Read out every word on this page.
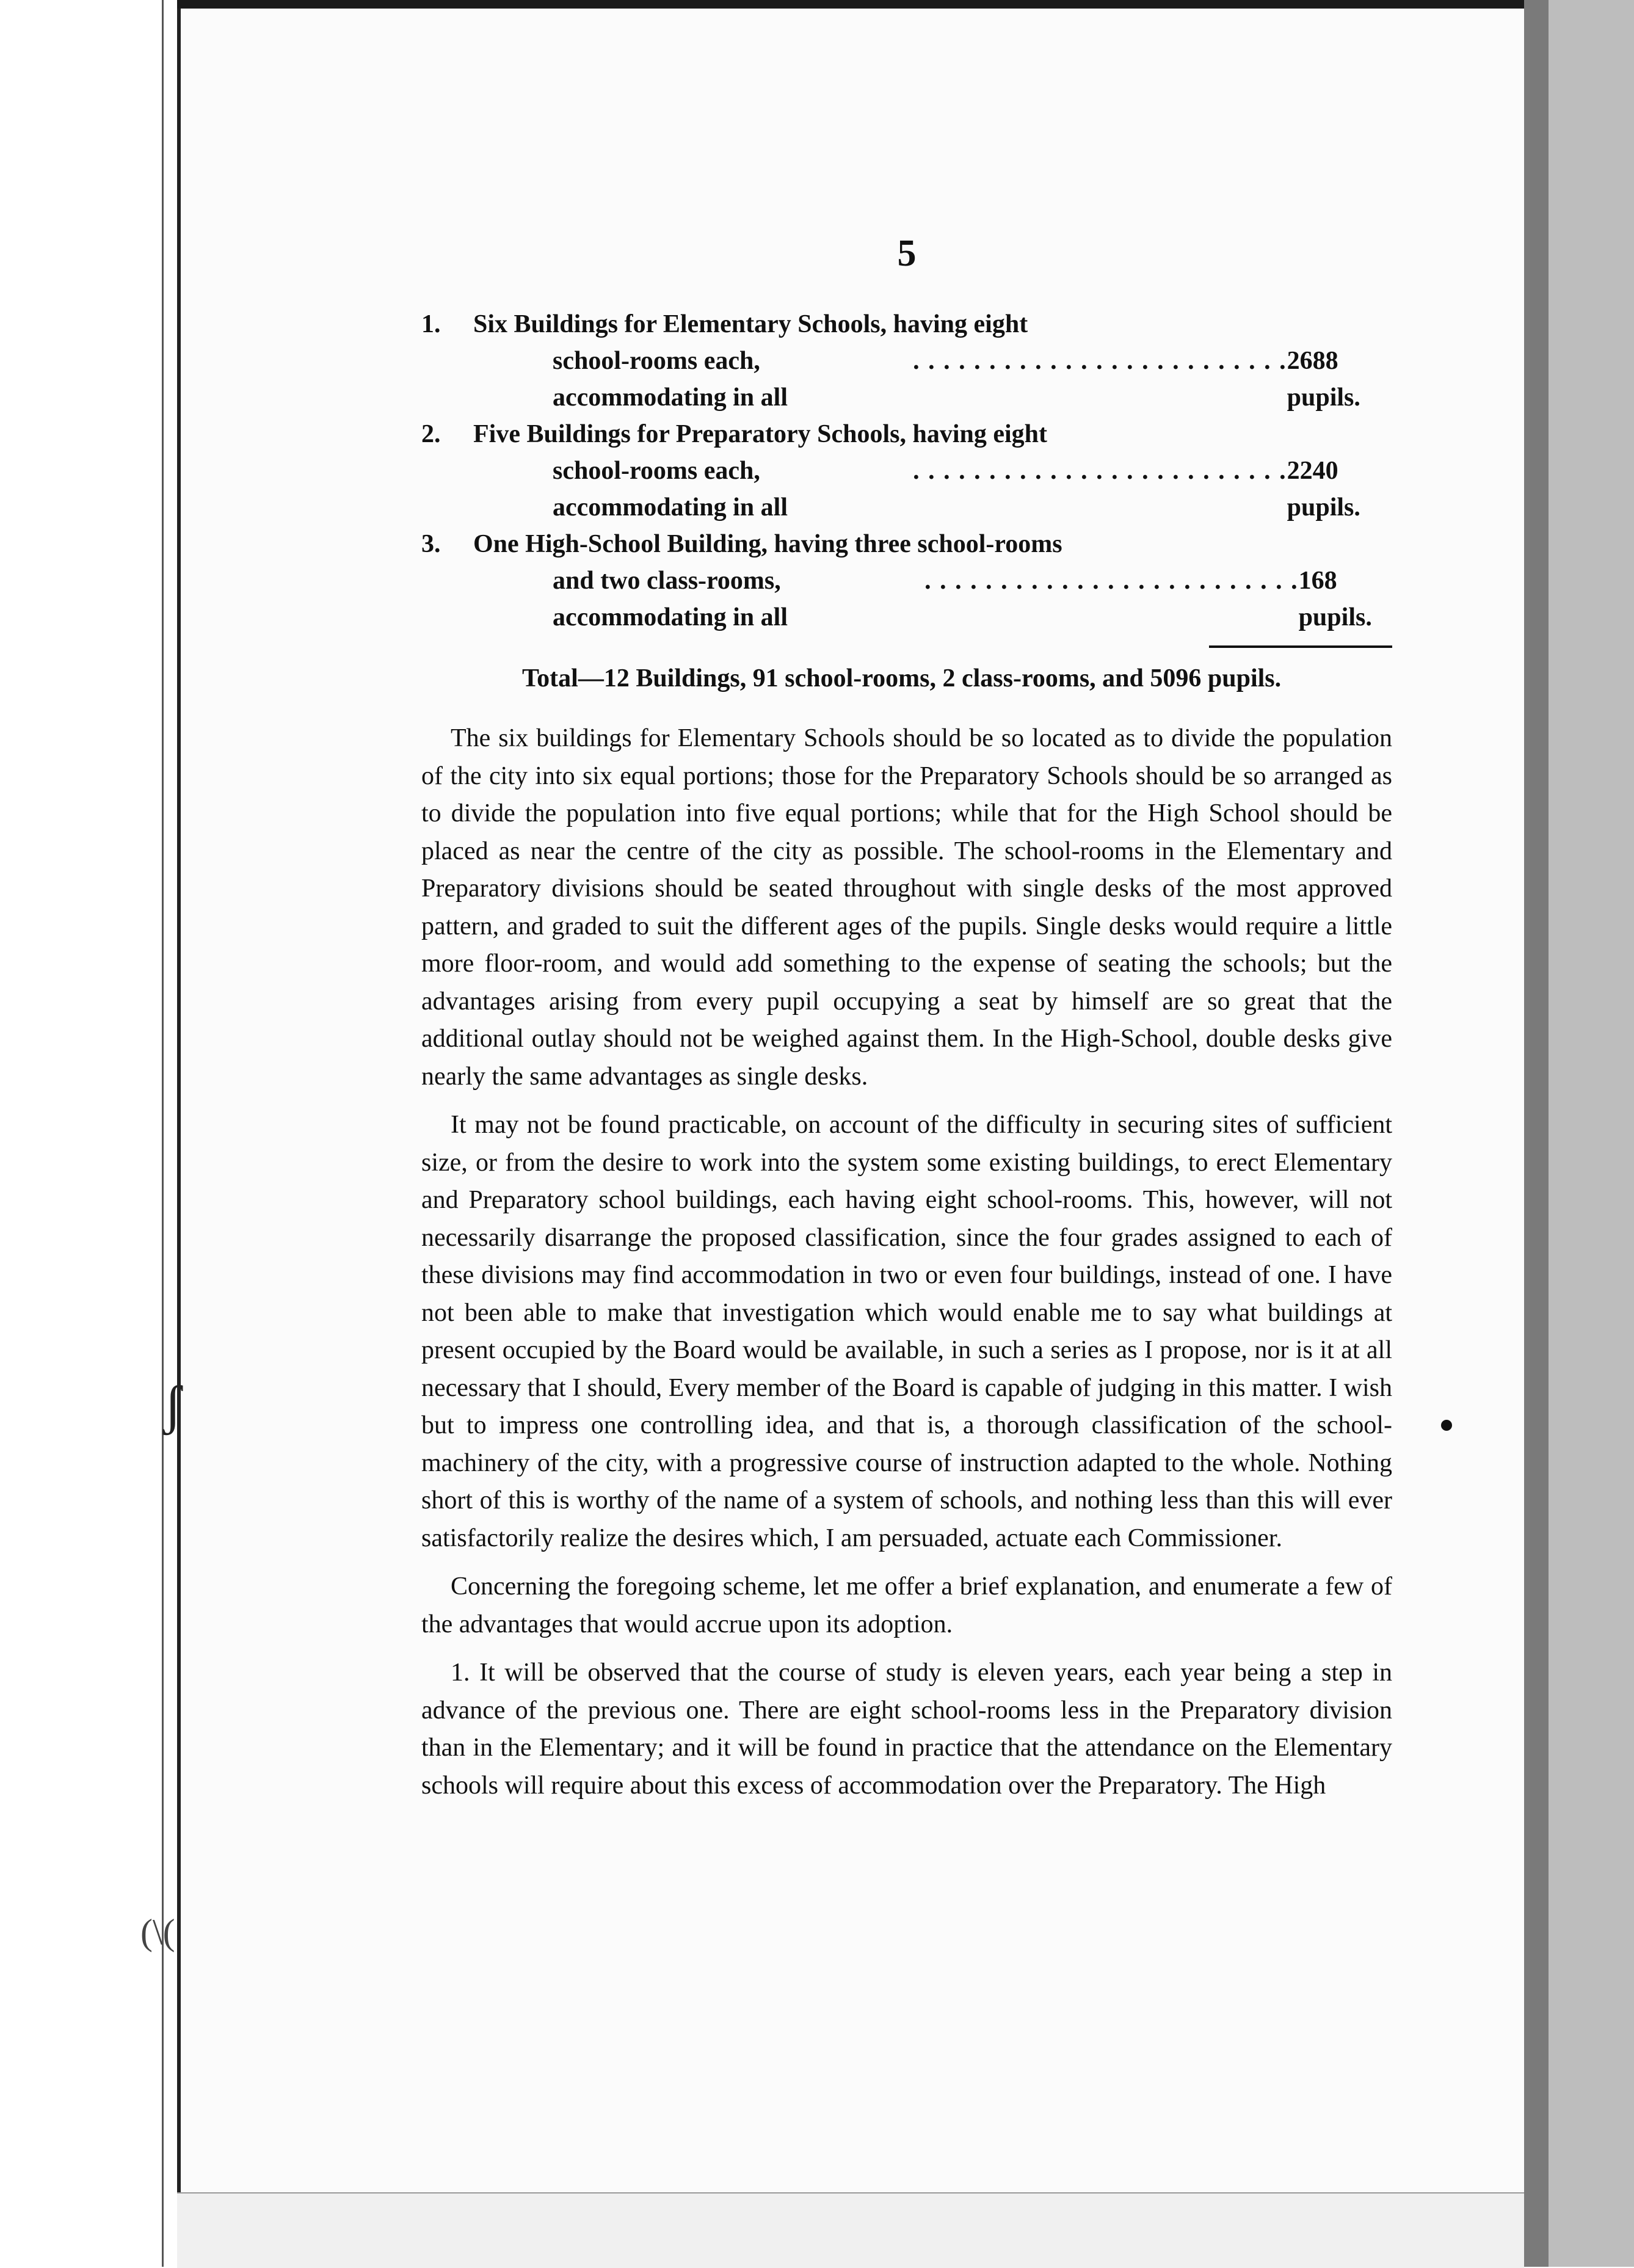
ʃ
(\(
5
1.	Six Buildings for Elementary Schools, having eight
school-rooms each, accommodating in all
. . . . . . . . . . . . . . . . . . . . . . . . . 2688 pupils.
2.	Five Buildings for Preparatory Schools, having eight
school-rooms each, accommodating in all
. . . . . . . . . . . . . . . . . . . . . . . . . 2240 pupils.
3.	One High-School Building, having three school-rooms
and two class-rooms, accommodating in all
. . . . . . . . . . . . . . . . . . . . . . . . . 168 pupils.
Total—12 Buildings, 91 school-rooms, 2 class-rooms, and 5096 pupils.

The six buildings for Elementary Schools should be so located as to divide the population of the city into six equal portions; those for the Preparatory Schools should be so arranged as to divide the population into five equal portions; while that for the High School should be placed as near the centre of the city as possible. The school-rooms in the Elementary and Preparatory divisions should be seated throughout with single desks of the most approved pattern, and graded to suit the different ages of the pupils. Single desks would require a little more floor-room, and would add something to the expense of seating the schools; but the advantages arising from every pupil occupying a seat by himself are so great that the additional outlay should not be weighed against them. In the High-School, double desks give nearly the same advantages as single desks.

It may not be found practicable, on account of the difficulty in securing sites of sufficient size, or from the desire to work into the system some existing buildings, to erect Elementary and Preparatory school buildings, each having eight school-rooms. This, however, will not necessarily disarrange the proposed classification, since the four grades assigned to each of these divisions may find accommodation in two or even four buildings, instead of one. I have not been able to make that investigation which would enable me to say what buildings at present occupied by the Board would be available, in such a series as I propose, nor is it at all necessary that I should, Every member of the Board is capable of judging in this matter. I wish but to impress one controlling idea, and that is, a thorough classification of the school-machinery of the city, with a progressive course of instruction adapted to the whole. Nothing short of this is worthy of the name of a system of schools, and nothing less than this will ever satisfactorily realize the desires which, I am persuaded, actuate each Commissioner.

Concerning the foregoing scheme, let me offer a brief explanation, and enumerate a few of the advantages that would accrue upon its adoption.

1. It will be observed that the course of study is eleven years, each year being a step in advance of the previous one. There are eight school-rooms less in the Preparatory division than in the Elementary; and it will be found in practice that the attendance on the Elementary schools will require about this excess of accommodation over the Preparatory. The High
